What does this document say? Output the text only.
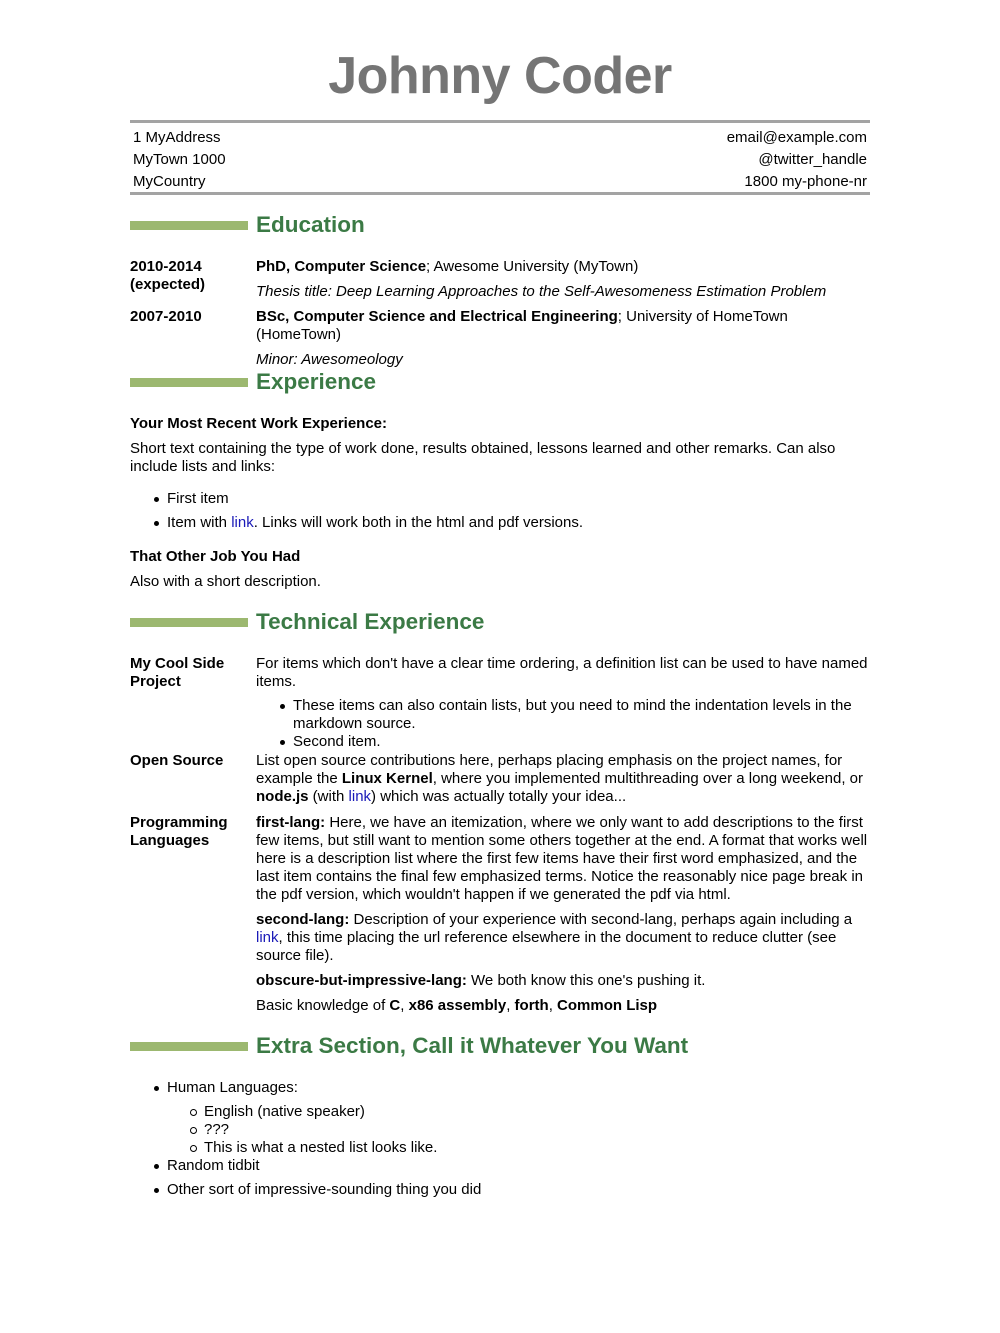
Johnny Coder
1 MyAddress
MyTown 1000
MyCountry
email@example.com
@twitter_handle
1800 my-phone-nr
Education
2010-2014
(expected)
PhD, Computer Science; Awesome University (MyTown)
Thesis title: Deep Learning Approaches to the Self-Awesomeness Estimation Problem
2007-2010	BSc, Computer Science and Electrical Engineering; University of HomeTown (HomeTown)
Minor: Awesomeology
Experience
Your Most Recent Work Experience:
Short text containing the type of work done, results obtained, lessons learned and other remarks. Can also include lists and links:
First item
Item with link. Links will work both in the html and pdf versions.
That Other Job You Had
Also with a short description.
Technical Experience
My Cool Side
Project
For items which don't have a clear time ordering, a definition list can be used to have named items.
These items can also contain lists, but you need to mind the indentation levels in the markdown source.
Second item.
Open Source	List open source contributions here, perhaps placing emphasis on the project names, for example the Linux Kernel, where you implemented multithreading over a long weekend, or node.js (with link) which was actually totally your idea...
Programming
Languages
first-lang: Here, we have an itemization, where we only want to add descriptions to the first few items, but still want to mention some others together at the end. A format that works well here is a description list where the first few items have their first word emphasized, and the last item contains the final few emphasized terms. Notice the reasonably nice page break in the pdf version, which wouldn't happen if we generated the pdf via html.
second-lang: Description of your experience with second-lang, perhaps again including a link, this time placing the url reference elsewhere in the document to reduce clutter (see source file).
obscure-but-impressive-lang: We both know this one's pushing it.
Basic knowledge of C, x86 assembly, forth, Common Lisp
Extra Section, Call it Whatever You Want
Human Languages:
English (native speaker)
???
This is what a nested list looks like.
Random tidbit
Other sort of impressive-sounding thing you did
